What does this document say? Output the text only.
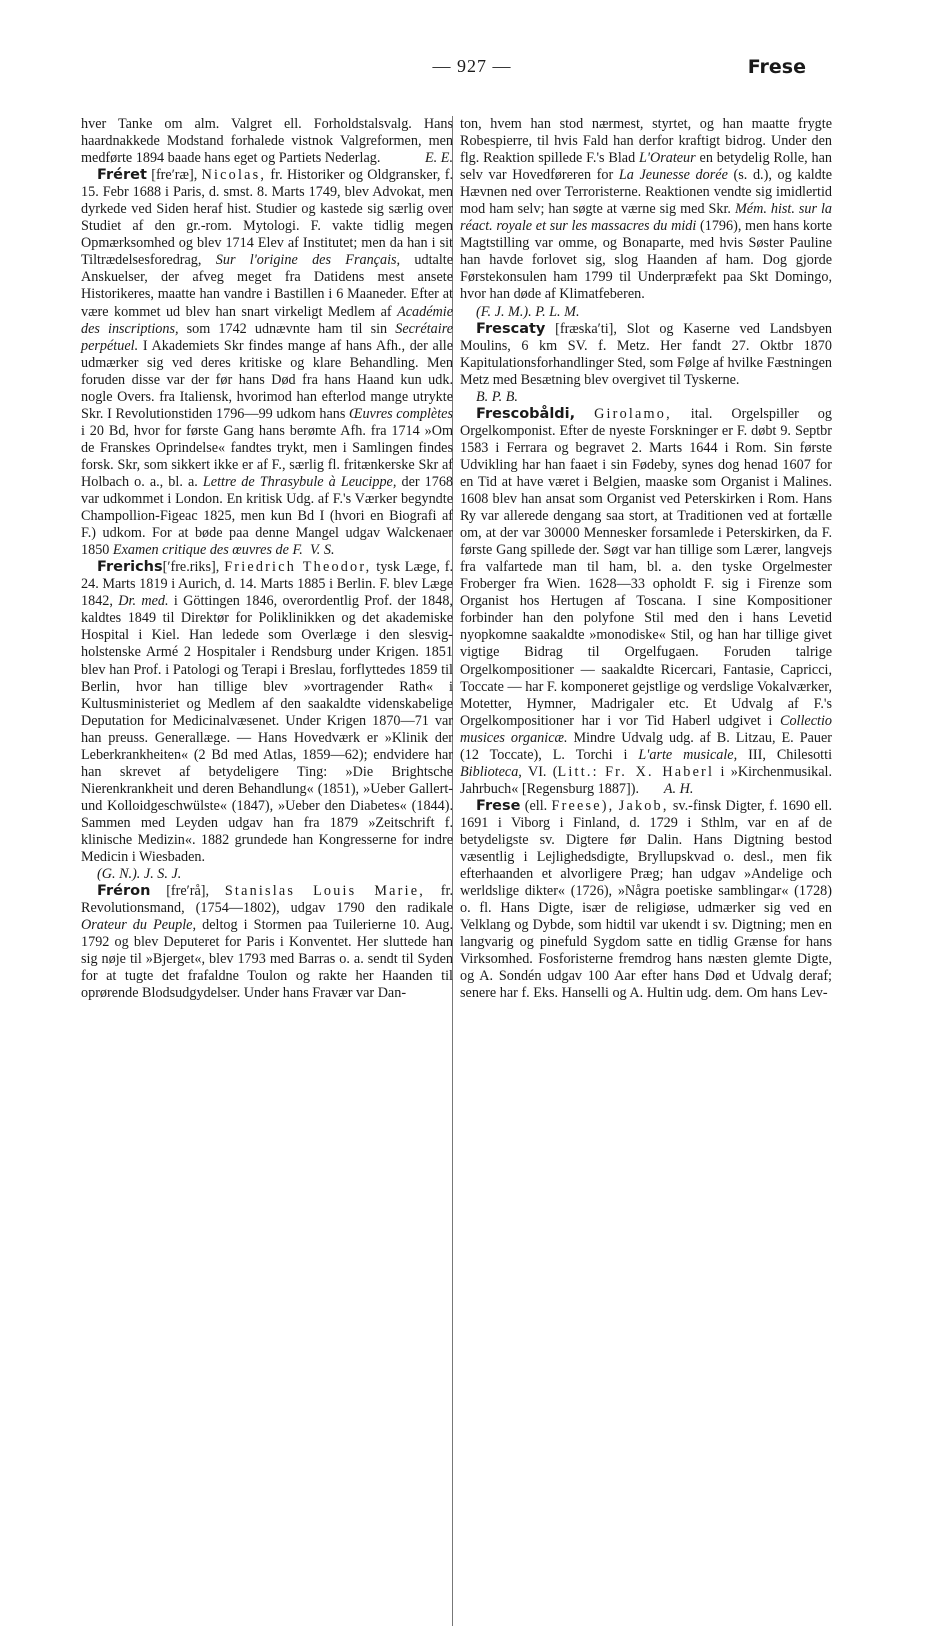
— 927 —	Frese

hver Tanke om alm. Valgret ell. Forholdstalsvalg. Hans haardnakkede Modstand forhalede vistnok Valgreformen, men medførte 1894 baade hans eget og Partiets Nederlag.	E. E.

Fréret [fre′ræ], Nicolas, fr. Historiker og Oldgransker, f. 15. Febr 1688 i Paris, d. smst. 8. Marts 1749, blev Advokat, men dyrkede ved Siden heraf hist. Studier og kastede sig særlig over Studiet af den gr.-rom. Mytologi. F. vakte tidlig megen Opmærksomhed og blev 1714 Elev af Institutet; men da han i sit Tiltrædelsesforedrag, Sur l'origine des Français, udtalte Anskuelser, der afveg meget fra Datidens mest ansete Historikeres, maatte han vandre i Bastillen i 6 Maaneder. Efter at være kommet ud blev han snart virkeligt Medlem af Académie des inscriptions, som 1742 udnævnte ham til sin Secrétaire perpétuel. I Akademiets Skr findes mange af hans Afh., der alle udmærker sig ved deres kritiske og klare Behandling. Men foruden disse var der før hans Død fra hans Haand kun udk. nogle Overs. fra Italiensk, hvorimod han efterlod mange utrykte Skr. I Revolutionstiden 1796—99 udkom hans Œuvres complètes i 20 Bd, hvor for første Gang hans berømte Afh. fra 1714 »Om de Franskes Oprindelse« fandtes trykt, men i Samlingen findes forsk. Skr, som sikkert ikke er af F., særlig fl. fritænkerske Skr af Holbach o. a., bl. a. Lettre de Thrasybule à Leucippe, der 1768 var udkommet i London. En kritisk Udg. af F.'s Værker begyndte Champollion-Figeac 1825, men kun Bd I (hvori en Biografi af F.) udkom. For at bøde paa denne Mangel udgav Walckenaer 1850 Examen critique des œuvres de F. V. S.

Frerichs[′fre.riks], Friedrich Theodor, tysk Læge, f. 24. Marts 1819 i Aurich, d. 14. Marts 1885 i Berlin. F. blev Læge 1842, Dr. med. i Göttingen 1846, overordentlig Prof. der 1848, kaldtes 1849 til Direktør for Poliklinikken og det akademiske Hospital i Kiel. Han ledede som Overlæge i den slesvig-holstenske Armé 2 Hospitaler i Rendsburg under Krigen. 1851 blev han Prof. i Patologi og Terapi i Breslau, forflyttedes 1859 til Berlin, hvor han tillige blev »vortragender Rath« i Kultusministeriet og Medlem af den saakaldte videnskabelige Deputation for Medicinalvæsenet. Under Krigen 1870—71 var han preuss. Generallæge. — Hans Hovedværk er »Klinik der Leberkrankheiten« (2 Bd med Atlas, 1859—62); endvidere har han skrevet af betydeligere Ting: »Die Brightsche Nierenkrankheit und deren Behandlung« (1851), »Ueber Gallert- und Kolloidgeschwülste« (1847), »Ueber den Diabetes« (1844). Sammen med Leyden udgav han fra 1879 »Zeitschrift f. klinische Medizin«. 1882 grundede han Kongresserne for indre Medicin i Wiesbaden.

(G. N.). J. S. J.

Fréron [fre′rå], Stanislas Louis Marie, fr. Revolutionsmand, (1754—1802), udgav 1790 den radikale Orateur du Peuple, deltog i Stormen paa Tuilerierne 10. Aug. 1792 og blev Deputeret for Paris i Konventet. Her sluttede han sig nøje til »Bjerget«, blev 1793 med Barras o. a. sendt til Syden for at tugte det frafaldne Toulon og rakte her Haanden til oprørende Blodsudgydelser. Under hans Fravær var Dan-

ton, hvem han stod nærmest, styrtet, og han maatte frygte Robespierre, til hvis Fald han derfor kraftigt bidrog. Under den flg. Reaktion spillede F.'s Blad L'Orateur en betydelig Rolle, han selv var Hovedføreren for La Jeunesse dorée (s. d.), og kaldte Hævnen ned over Terroristerne. Reaktionen vendte sig imidlertid mod ham selv; han søgte at værne sig med Skr. Mém. hist. sur la réact. royale et sur les massacres du midi (1796), men hans korte Magtstilling var omme, og Bonaparte, med hvis Søster Pauline han havde forlovet sig, slog Haanden af ham. Dog gjorde Førstekonsulen ham 1799 til Underpræfekt paa Skt Domingo, hvor han døde af Klimatfeberen.

(F. J. M.). P. L. M.

Frescaty [fræska′ti], Slot og Kaserne ved Landsbyen Moulins, 6 km SV. f. Metz. Her fandt 27. Oktbr 1870 Kapitulationsforhandlinger Sted, som Følge af hvilke Fæstningen Metz med Besætning blev overgivet til Tyskerne.

B. P. B.

Frescobåldi, Girolamo, ital. Orgelspiller og Orgelkomponist. Efter de nyeste Forskninger er F. døbt 9. Septbr 1583 i Ferrara og begravet 2. Marts 1644 i Rom. Sin første Udvikling har han faaet i sin Fødeby, synes dog henad 1607 for en Tid at have været i Belgien, maaske som Organist i Malines. 1608 blev han ansat som Organist ved Peterskirken i Rom. Hans Ry var allerede dengang saa stort, at Traditionen ved at fortælle om, at der var 30000 Mennesker forsamlede i Peterskirken, da F. første Gang spillede der. Søgt var han tillige som Lærer, langvejs fra valfartede man til ham, bl. a. den tyske Orgelmester Froberger fra Wien. 1628—33 opholdt F. sig i Firenze som Organist hos Hertugen af Toscana. I sine Kompositioner forbinder han den polyfone Stil med den i hans Levetid nyopkomne saakaldte »monodiske« Stil, og han har tillige givet vigtige Bidrag til Orgelfugaen. Foruden talrige Orgelkompositioner — saakaldte Ricercari, Fantasie, Capricci, Toccate — har F. komponeret gejstlige og verdslige Vokalværker, Motetter, Hymner, Madrigaler etc. Et Udvalg af F.'s Orgelkompositioner har i vor Tid Haberl udgivet i Collectio musices organicæ. Mindre Udvalg udg. af B. Litzau, E. Pauer (12 Toccate), L. Torchi i L'arte musicale, III, Chilesotti Biblioteca, VI. (Litt.: Fr. X. Haberl i »Kirchenmusikal. Jahrbuch« [Regensburg 1887]). A. H.

Frese (ell. Freese), Jakob, sv.-finsk Digter, f. 1690 ell. 1691 i Viborg i Finland, d. 1729 i Sthlm, var en af de betydeligste sv. Digtere før Dalin. Hans Digtning bestod væsentlig i Lejlighedsdigte, Bryllupskvad o. desl., men fik efterhaanden et alvorligere Præg; han udgav »Andelige och werldslige dikter« (1726), »Några poetiske samblingar« (1728) o. fl. Hans Digte, især de religiøse, udmærker sig ved en Velklang og Dybde, som hidtil var ukendt i sv. Digtning; men en langvarig og pinefuld Sygdom satte en tidlig Grænse for hans Virksomhed. Fosforisterne fremdrog hans næsten glemte Digte, og A. Sondén udgav 100 Aar efter hans Død et Udvalg deraf; senere har f. Eks. Hanselli og A. Hultin udg. dem. Om hans Lev-
